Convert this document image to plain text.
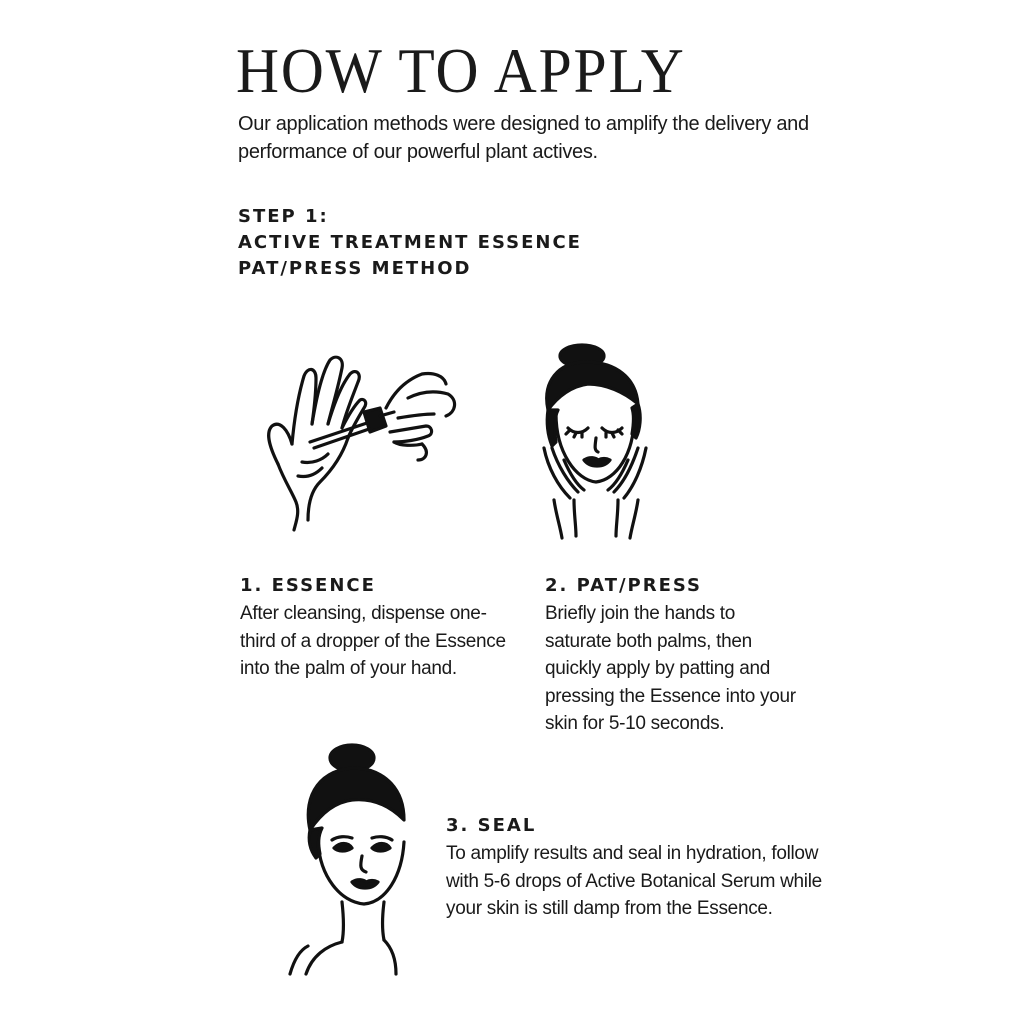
HOW TO APPLY

Our application methods were designed to amplify the delivery and performance of our powerful plant actives.

STEP 1:
ACTIVE TREATMENT ESSENCE
PAT/PRESS METHOD
1. ESSENCE

After cleansing, dispense one-third of a dropper of the Essence into the palm of your hand.

2. PAT/PRESS

Briefly join the hands to saturate both palms, then quickly apply by patting and pressing the Essence into your skin for 5-10 seconds.

3. SEAL

To amplify results and seal in hydration, follow with 5-6 drops of Active Botanical Serum while your skin is still damp from the Essence.
